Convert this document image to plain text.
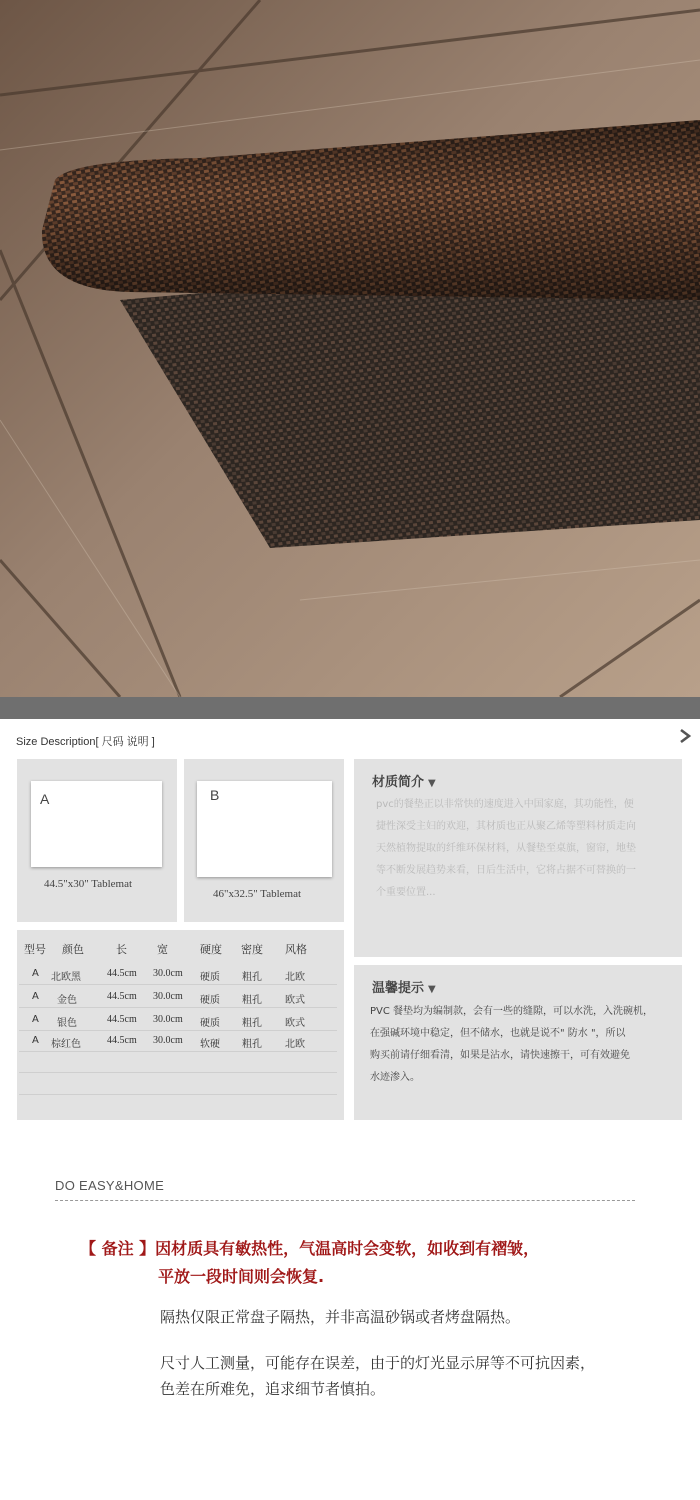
Size Description[ 尺码 说明 ]
A
44.5"x30" Tablemat
B
46"x32.5" Tablemat
型号 颜色	长	宽	硬度 密度 风格
A 北欧黑	44.5cm 30.0cm 硬质 粗孔 北欧
A 金色	44.5cm 30.0cm 硬质 粗孔 欧式
A 银色	44.5cm 30.0cm 硬质 粗孔 欧式
A 棕红色	44.5cm 30.0cm 软硬 粗孔 北欧
材质简介 ▼
pvc的餐垫正以非常快的速度进入中国家庭，其功能性，便
捷性深受主妇的欢迎，其材质也正从聚乙烯等塑料材质走向
天然植物提取的纤维环保材料，从餐垫至桌旗，窗帘，地垫
等不断发展趋势来看，日后生活中，它将占据不可替换的一
个重要位置...
温馨提示 ▼
PVC 餐垫均为编制款，会有一些的缝隙，可以水洗，入洗碗机，
在强碱环境中稳定，但不储水，也就是说不" 防水 "，所以
购买前请仔细看清，如果是沾水，请快速擦干，可有效避免
水迹渗入。
DO EASY&HOME
【 备注 】因材质具有敏热性，气温高时会变软，如收到有褶皱，
平放一段时间则会恢复.
隔热仅限正常盘子隔热，并非高温砂锅或者烤盘隔热。
尺寸人工测量，可能存在误差，由于的灯光显示屏等不可抗因素，
色差在所难免，追求细节者慎拍。
